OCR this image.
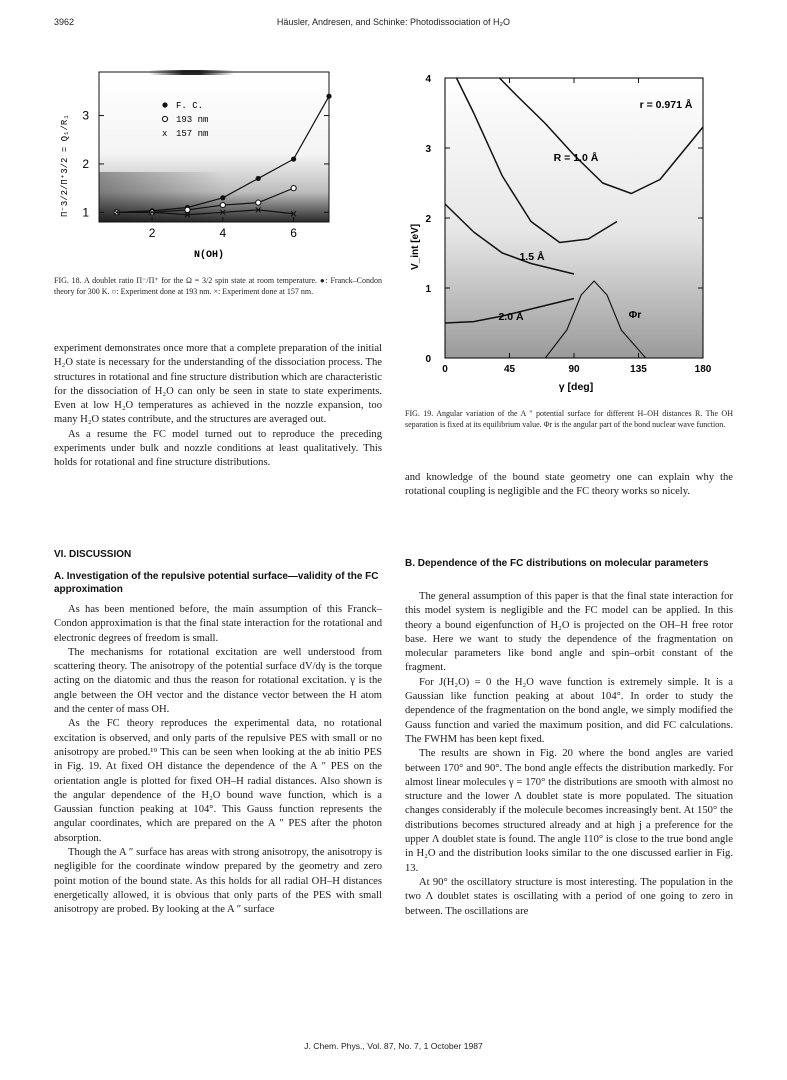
3962	Häusler, Andresen, and Schinke: Photodissociation of H₂O
1
2
3
2	4	6
F. C.
193 nm
x 157 nm
Π⁻3/2/Π⁺3/2 = Q₁/R₁
N(OH)
FIG. 18. A doublet ratio Π⁻/Π⁺ for the Ω = 3/2 spin state at room temperature. ●: Franck–Condon theory for 300 K. ○: Experiment done at 193 nm. ×: Experiment done at 157 nm.
0
1
2
3
4
0	45	90	135	180
r = 0.971 Å
R = 1.0 Å
1.5 Å
2.0 Å	Φr
V_int [eV]
γ [deg]
FIG. 19. Angular variation of the A ″ potential surface for different H–OH distances R. The OH separation is fixed at its equilibrium value. Φr is the angular part of the bond nuclear wave function.

experiment demonstrates once more that a complete preparation of the initial H₂O state is necessary for the understanding of the dissociation process. The structures in rotational and fine structure distribution which are characteristic for the dissociation of H₂O can only be seen in state to state experiments. Even at low H₂O temperatures as achieved in the nozzle expansion, too many H₂O states contribute, and the structures are averaged out.

As a resume the FC model turned out to reproduce the preceding experiments under bulk and nozzle conditions at least qualitatively. This holds for rotational and fine structure distributions.

VI. DISCUSSION
A. Investigation of the repulsive potential surface—validity of the FC approximation

As has been mentioned before, the main assumption of this Franck–Condon approximation is that the final state interaction for the rotational and electronic degrees of freedom is small.

The mechanisms for rotational excitation are well understood from scattering theory. The anisotropy of the potential surface dV/dγ is the torque acting on the diatomic and thus the reason for rotational excitation. γ is the angle between the OH vector and the distance vector between the H atom and the center of mass OH.

As the FC theory reproduces the experimental data, no rotational excitation is observed, and only parts of the repulsive PES with small or no anisotropy are probed.¹⁹ This can be seen when looking at the ab initio PES in Fig. 19. At fixed OH distance the dependence of the A ″ PES on the orientation angle is plotted for fixed OH–H radial distances. Also shown is the angular dependence of the H₂O bound wave function, which is a Gaussian function peaking at 104°. This Gauss function represents the angular coordinates, which are prepared on the A ″ PES after the photon absorption.

Though the A ″ surface has areas with strong anisotropy, the anisotropy is negligible for the coordinate window prepared by the geometry and zero point motion of the bound state. As this holds for all radial OH–H distances energetically allowed, it is obvious that only parts of the PES with small anisotropy are probed. By looking at the A ″ surface

and knowledge of the bound state geometry one can explain why the rotational coupling is negligible and the FC theory works so nicely.

B. Dependence of the FC distributions on molecular parameters

The general assumption of this paper is that the final state interaction for this model system is negligible and the FC model can be applied. In this theory a bound eigenfunction of H₂O is projected on the OH–H free rotor base. Here we want to study the dependence of the fragmentation on molecular parameters like bond angle and spin–orbit constant of the fragment.

For J(H₂O) = 0 the H₂O wave function is extremely simple. It is a Gaussian like function peaking at about 104°. In order to study the dependence of the fragmentation on the bond angle, we simply modified the Gauss function and varied the maximum position, and did FC calculations. The FWHM has been kept fixed.

The results are shown in Fig. 20 where the bond angles are varied between 170° and 90°. The bond angle effects the distribution markedly. For almost linear molecules γ = 170° the distributions are smooth with almost no structure and the lower Λ doublet state is more populated. The situation changes considerably if the molecule becomes increasingly bent. At 150° the distributions becomes structured already and at high j a preference for the upper Λ doublet state is found. The angle 110° is close to the true bond angle in H₂O and the distribution looks similar to the one discussed earlier in Fig. 13.

At 90° the oscillatory structure is most interesting. The population in the two Λ doublet states is oscillating with a period of one going to zero in between. The oscillations are

J. Chem. Phys., Vol. 87, No. 7, 1 October 1987
